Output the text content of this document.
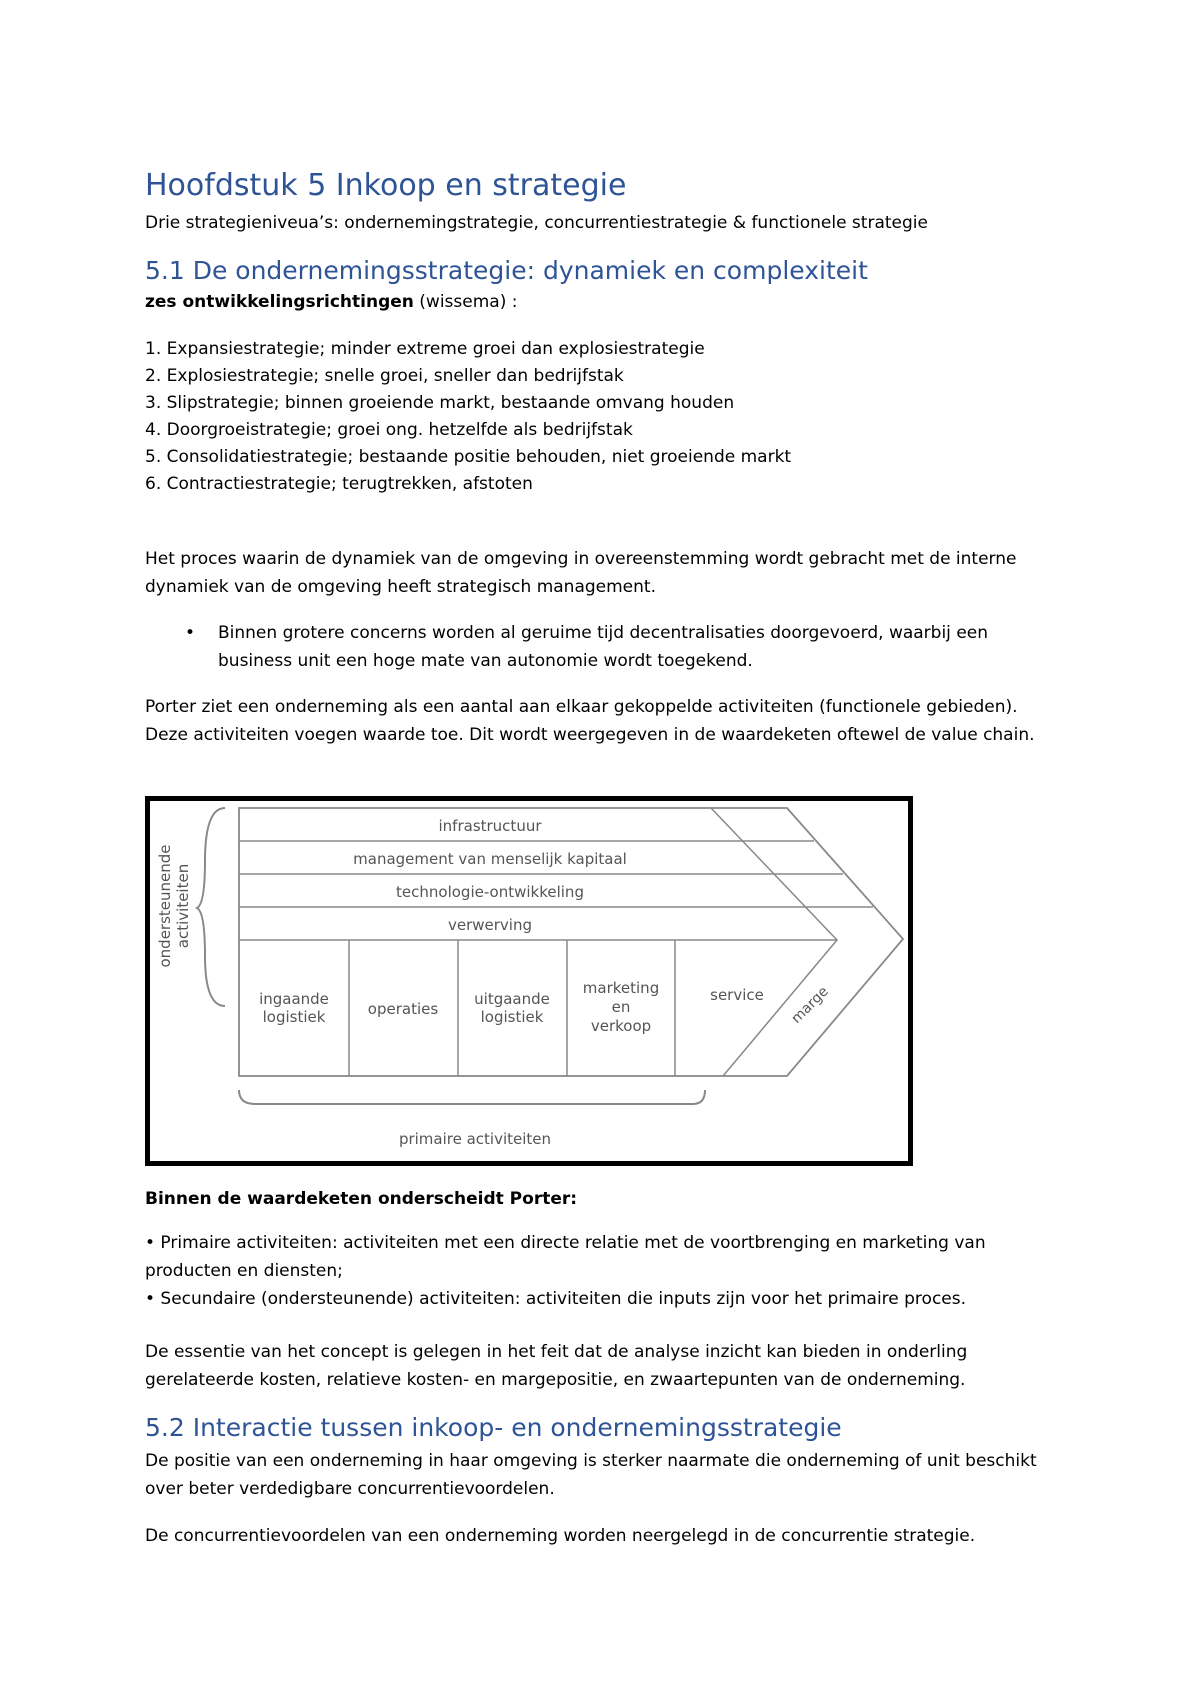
Hoofdstuk 5 Inkoop en strategie

Drie strategieniveua’s: ondernemingstrategie, concurrentiestrategie & functionele strategie

5.1 De ondernemingsstrategie: dynamiek en complexiteit

zes ontwikkelingsrichtingen (wissema) :

1. Expansiestrategie; minder extreme groei dan explosiestrategie
2. Explosiestrategie; snelle groei, sneller dan bedrijfstak
3. Slipstrategie; binnen groeiende markt, bestaande omvang houden
4. Doorgroeistrategie; groei ong. hetzelfde als bedrijfstak
5. Consolidatiestrategie; bestaande positie behouden, niet groeiende markt
6. Contractiestrategie; terugtrekken, afstoten

Het proces waarin de dynamiek van de omgeving in overeenstemming wordt gebracht met de interne dynamiek van de omgeving heeft strategisch management.

• Binnen grotere concerns worden al geruime tijd decentralisaties doorgevoerd, waarbij een business unit een hoge mate van autonomie wordt toegekend.

Porter ziet een onderneming als een aantal aan elkaar gekoppelde activiteiten (functionele gebieden). Deze activiteiten voegen waarde toe. Dit wordt weergegeven in de waardeketen oftewel de value chain.

ondersteunende activiteiten
infrastructuur
management van menselijk kapitaal
technologie-ontwikkeling
verwerving
ingaande
logistiek	operaties
uitgaande
logistiek
marketing
en
verkoop
service marge
primaire activiteiten

Binnen de waardeketen onderscheidt Porter:

• Primaire activiteiten: activiteiten met een directe relatie met de voortbrenging en marketing van producten en diensten;

• Secundaire (ondersteunende) activiteiten: activiteiten die inputs zijn voor het primaire proces.

De essentie van het concept is gelegen in het feit dat de analyse inzicht kan bieden in onderling gerelateerde kosten, relatieve kosten- en margepositie, en zwaartepunten van de onderneming.

5.2 Interactie tussen inkoop- en ondernemingsstrategie

De positie van een onderneming in haar omgeving is sterker naarmate die onderneming of unit beschikt over beter verdedigbare concurrentievoordelen.

De concurrentievoordelen van een onderneming worden neergelegd in de concurrentie strategie.
